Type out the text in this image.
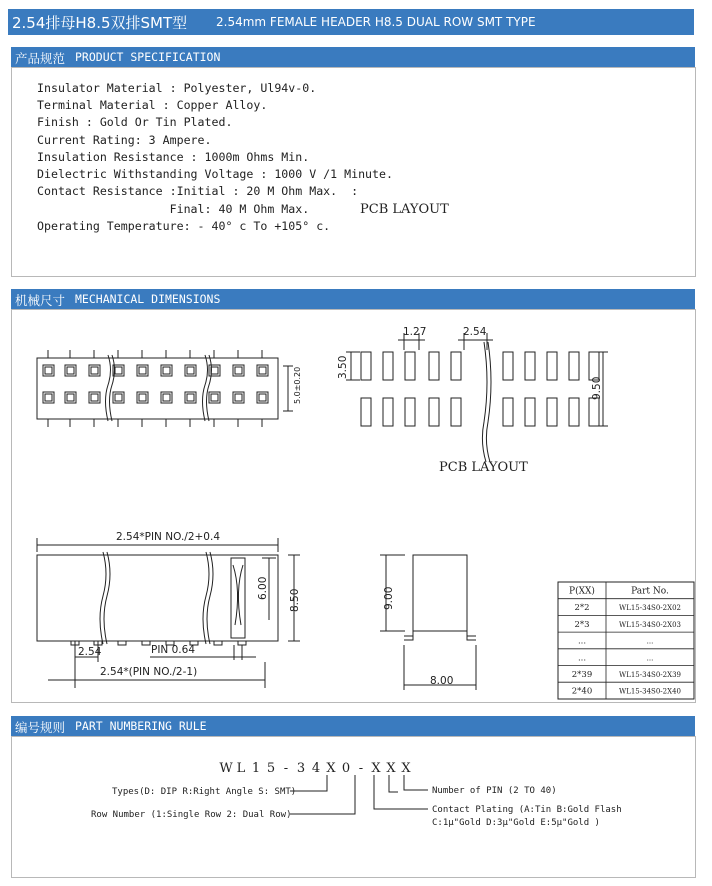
2.54排母H8.5双排SMT型 2.54mm FEMALE HEADER H8.5 DUAL ROW SMT TYPE
产品规范 PRODUCT SPECIFICATION
Insulator Material : Polyester, Ul94v-0.
Terminal Material : Copper Alloy.
Finish : Gold Or Tin Plated.
Current Rating: 3 Ampere.
Insulation Resistance : 1000m Ohms Min.
Dielectric Withstanding Voltage : 1000 V /1 Minute.
Contact Resistance :Initial : 20 M Ohm Max.  :
Final: 40 M Ohm Max.
Operating Temperature: - 40° c To +105° c.
PCB LAYOUT
机械尺寸 MECHANICAL DIMENSIONS
5.0±0.20
1.27	2.54
3.50
9.50
PCB LAYOUT
2.54*PIN NO./2+0.4
6.00
8.50
2.54	PIN 0.64
2.54*(PIN NO./2-1)
9.00
8.00
P(XX)	Part No.
2*2	WL15-34S0-2X02
2*3	WL15-34S0-2X03
...	...
...	...
2*39	WL15-34S0-2X39
2*40	WL15-34S0-2X40
编号规则 PART NUMBERING RULE
W L 1 5 - 3 4 X 0 - X X X
Types(D: DIP R:Right Angle S: SMT)
Row Number (1:Single Row 2: Dual Row)
Number of PIN (2 TO 40)
Contact Plating (A:Tin B:Gold Flash
C:1μ"Gold D:3μ"Gold E:5μ"Gold )
